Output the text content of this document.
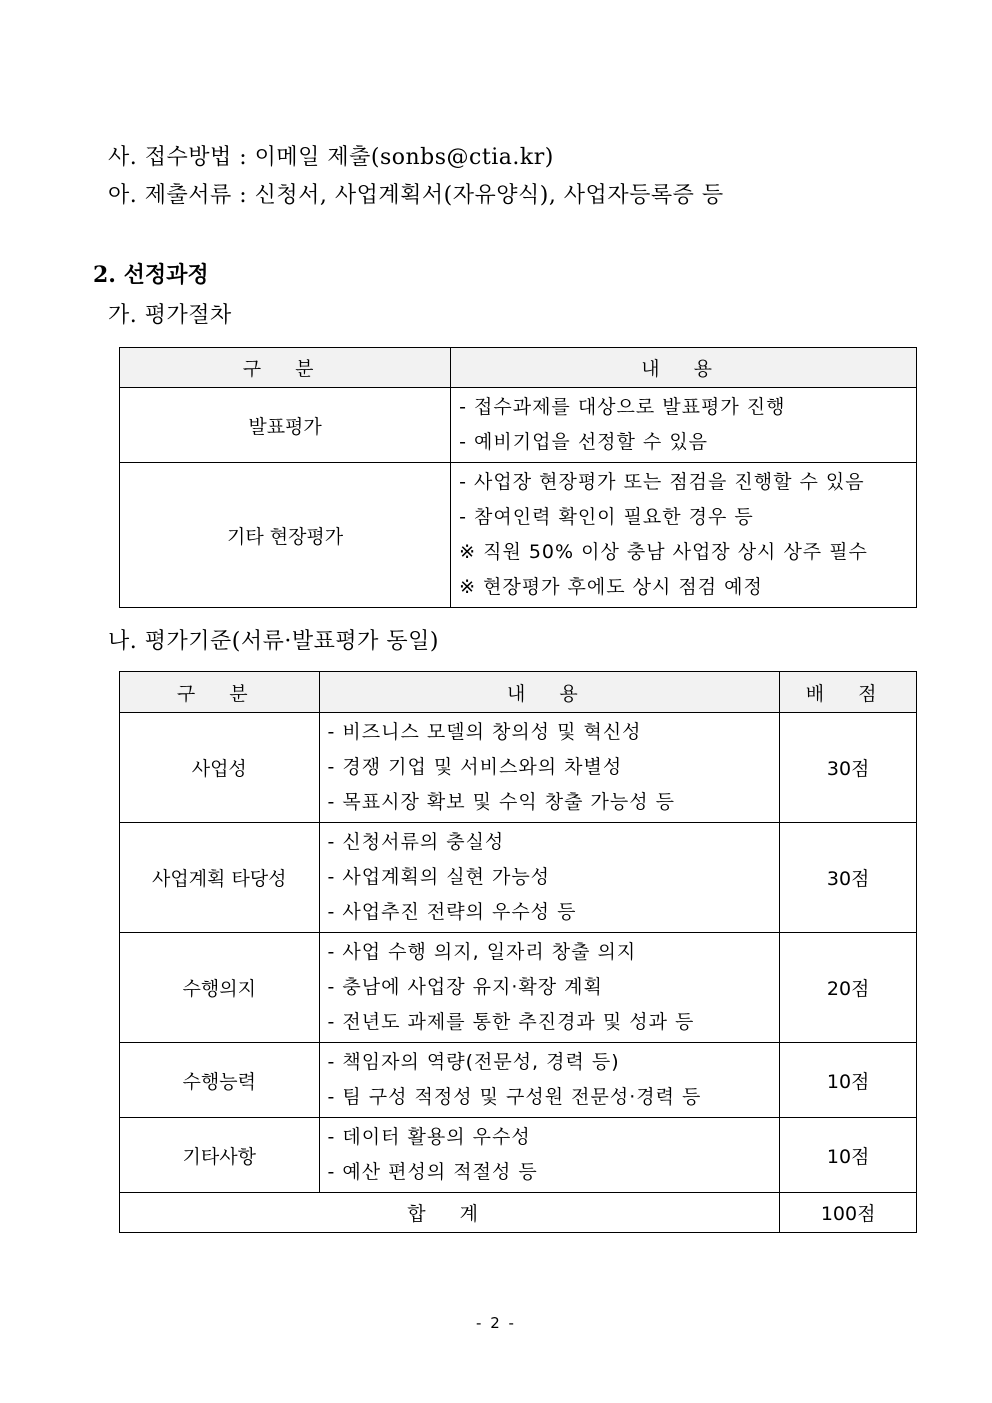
사. 접수방법 : 이메일 제출(sonbs@ctia.kr)
아. 제출서류 : 신청서, 사업계획서(자유양식), 사업자등록증 등
2. 선정과정
가. 평가절차
구 분	내 용
발표평가	- 접수과제를 대상으로 발표평가 진행
- 예비기업을 선정할 수 있음

기타 현장평가	- 사업장 현장평가 또는 점검을 진행할 수 있음
- 참여인력 확인이 필요한 경우 등
※ 직원 50% 이상 충남 사업장 상시 상주 필수
※ 현장평가 후에도 상시 점검 예정
나. 평가기준(서류·발표평가 동일)
구 분	내 용	배 점
사업성	- 비즈니스 모델의 창의성 및 혁신성
- 경쟁 기업 및 서비스와의 차별성
- 목표시장 확보 및 수익 창출 가능성 등	30점
사업계획 타당성	- 신청서류의 충실성
- 사업계획의 실현 가능성
- 사업추진 전략의 우수성 등	30점
수행의지	- 사업 수행 의지, 일자리 창출 의지
- 충남에 사업장 유지·확장 계획
- 전년도 과제를 통한 추진경과 및 성과 등	20점
수행능력	- 책임자의 역량(전문성, 경력 등)
- 팀 구성 적정성 및 구성원 전문성·경력 등	10점
기타사항	- 데이터 활용의 우수성
- 예산 편성의 적절성 등	10점
합 계		100점
- 2 -
